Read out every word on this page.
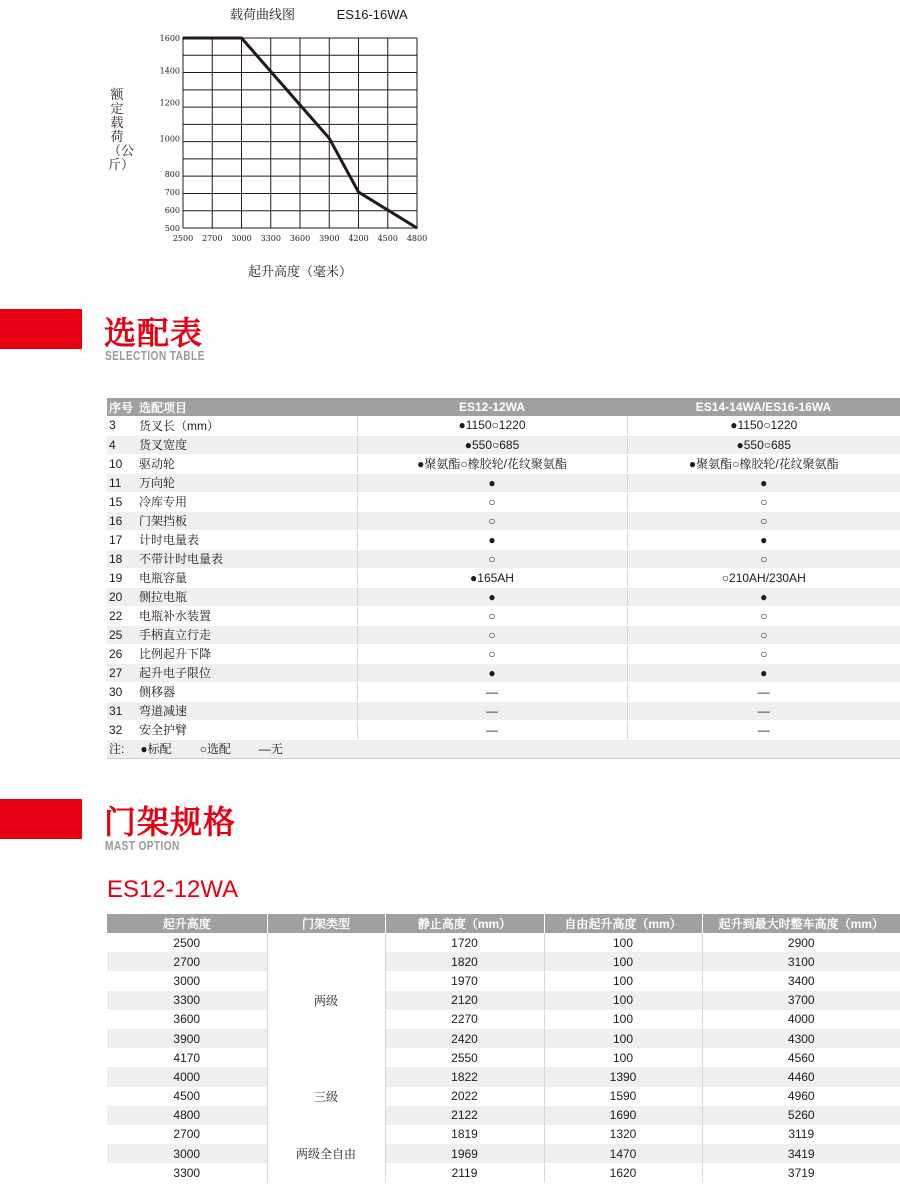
载荷曲线图	ES16-16WA
额定载荷（公斤）
1600
1400
1200
1000
800
700
600
500
2500 2700 3000 3300 3600 3900 4200 4500 4800
起升高度（毫米）
选配表
SELECTION TABLE
序号	选配项目	ES12-12WA	ES14-14WA/ES16-16WA
3	货叉长（mm）	●1150○1220	●1150○1220
4	货叉宽度	●550○685	●550○685
10	驱动轮	●聚氨酯○橡胶轮/花纹聚氨酯	●聚氨酯○橡胶轮/花纹聚氨酯
11	万向轮	●	●
15	冷库专用	○	○
16	门架挡板	○	○
17	计时电量表	●	●
18	不带计时电量表	○	○
19	电瓶容量	●165AH	○210AH/230AH
20	侧拉电瓶	●	●
22	电瓶补水装置	○	○
25	手柄直立行走	○	○
26	比例起升下降	○	○
27	起升电子限位	●	●
30	侧移器	—	—
31	弯道减速	—	—
32	安全护臂	—	—
注: ●标配 ○选配 —无			
门架规格
MAST OPTION
ES12-12WA
起升高度	门架类型	静止高度（mm）	自由起升高度（mm）	起升到最大时整车高度（mm）
2500	两级	1720	100	2900
2700		1820	100	3100
3000		1970	100	3400
3300		2120	100	3700
3600		2270	100	4000
3900		2420	100	4300
4170		2550	100	4560
4000	三级	1822	1390	4460
4500		2022	1590	4960
4800		2122	1690	5260
2700	两级全自由	1819	1320	3119
3000		1969	1470	3419
3300		2119	1620	3719
